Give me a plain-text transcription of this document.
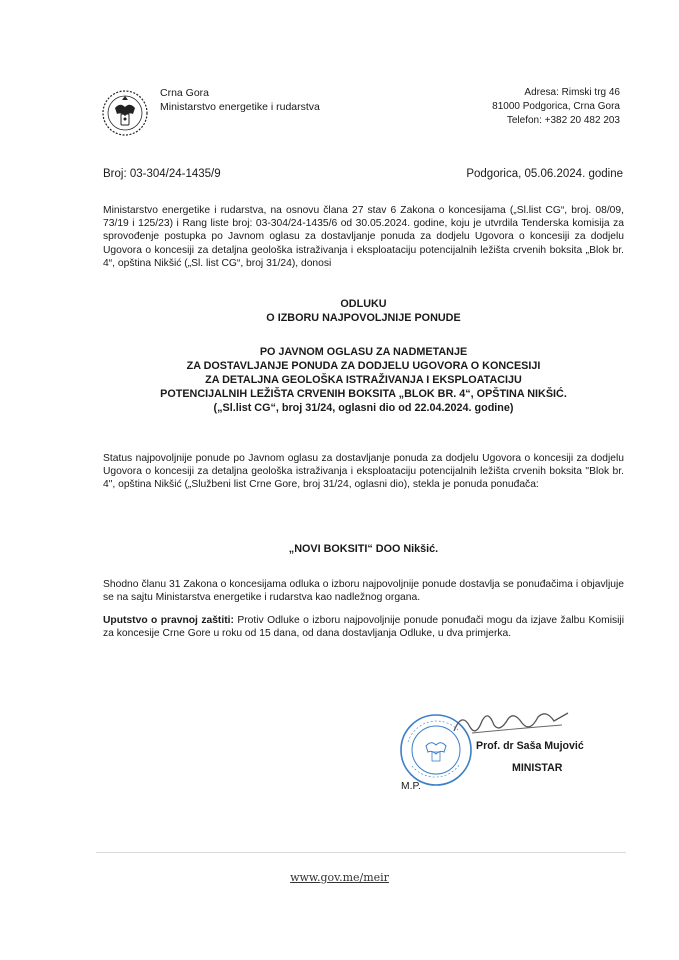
Crna Gora
Ministarstvo energetike i rudarstva
Adresa: Rimski trg 46
81000 Podgorica, Crna Gora
Telefon: +382 20 482 203
Broj: 03-304/24-1435/9	Podgorica, 05.06.2024. godine
Ministarstvo energetike i rudarstva, na osnovu člana 27 stav 6 Zakona o koncesijama („Sl.list CG“, broj. 08/09, 73/19 i 125/23) i Rang liste broj: 03-304/24-1435/6 od 30.05.2024. godine, koju je utvrdila Tenderska komisija za sprovođenje postupka po Javnom oglasu za dostavljanje ponuda za dodjelu Ugovora o koncesiji za dodjelu Ugovora o koncesiji za detaljna geološka istraživanja i eksploataciju potencijalnih ležišta crvenih boksita „Blok br. 4“, opština Nikšić („Sl. list CG“, broj 31/24), donosi
ODLUKU
O IZBORU NAJPOVOLJNIJE PONUDE
PO JAVNOM OGLASU ZA NADMETANJE
ZA DOSTAVLJANJE PONUDA ZA DODJELU UGOVORA O KONCESIJI
ZA DETALJNA GEOLOŠKA ISTRAŽIVANJA I EKSPLOATACIJU
POTENCIJALNIH LEŽIŠTA CRVENIH BOKSITA „BLOK BR. 4“, OPŠTINA NIKŠIĆ.
(„Sl.list CG“, broj 31/24, oglasni dio od 22.04.2024. godine)
Status najpovoljnije ponude po Javnom oglasu za dostavljanje ponuda za dodjelu Ugovora o koncesiji za dodjelu Ugovora o koncesiji za detaljna geološka istraživanja i eksploataciju potencijalnih ležišta crvenih boksita "Blok br. 4", opština Nikšić („Službeni list Crne Gore, broj 31/24, oglasni dio), stekla je ponuda ponuđača:
„NOVI BOKSITI“ DOO Nikšić.
Shodno članu 31 Zakona o koncesijama odluka o izboru najpovoljnije ponude dostavlja se ponuđačima i objavljuje se na sajtu Ministarstva energetike i rudarstva kao nadležnog organa.
Uputstvo o pravnoj zaštiti: Protiv Odluke o izboru najpovoljnije ponude ponuđači mogu da izjave žalbu Komisiji za koncesije Crne Gore u roku od 15 dana, od dana dostavljanja Odluke, u dva primjerka.
Prof. dr Saša Mujović
MINISTAR
M.P.
www.gov.me/meir
